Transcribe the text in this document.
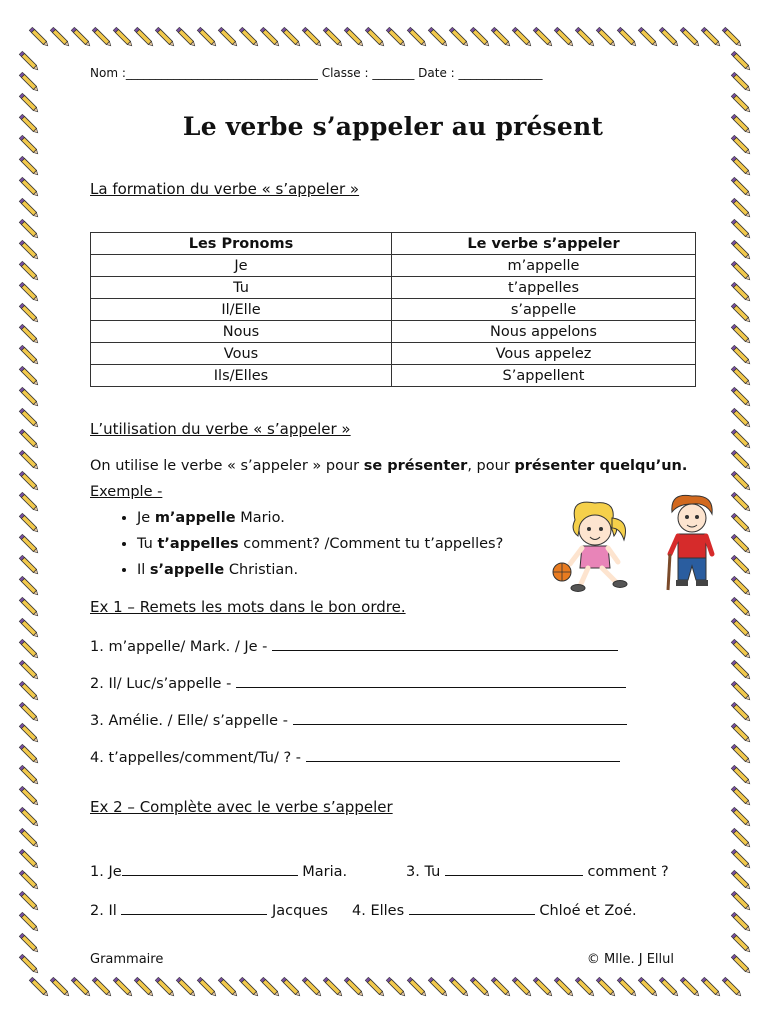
Nom :________________________________ Classe : _______ Date : ______________
Le verbe s’appeler au présent
La formation du verbe « s’appeler »
Les Pronoms	Le verbe s’appeler
Je	m’appelle
Tu	t’appelles
Il/Elle	s’appelle
Nous	Nous appelons
Vous	Vous appelez
Ils/Elles	S’appellent
L’utilisation du verbe « s’appeler »
On utilise le verbe « s’appeler » pour se présenter, pour présenter quelqu’un.
Exemple -
• Je m’appelle Mario.
• Tu t’appelles comment? /Comment tu t’appelles?
• Il s’appelle Christian.
Ex 1 – Remets les mots dans le bon ordre.
1. m’appelle/ Mark. / Je -
2. Il/ Luc/s’appelle -
3. Amélie. / Elle/ s’appelle -
4. t’appelles/comment/Tu/ ? -
Ex 2 – Complète avec le verbe s’appeler
1. Je	Maria.	3. Tu	comment ?
2. Il	Jacques 4. Elles	Chloé et Zoé.
Grammaire	© Mlle. J Ellul
